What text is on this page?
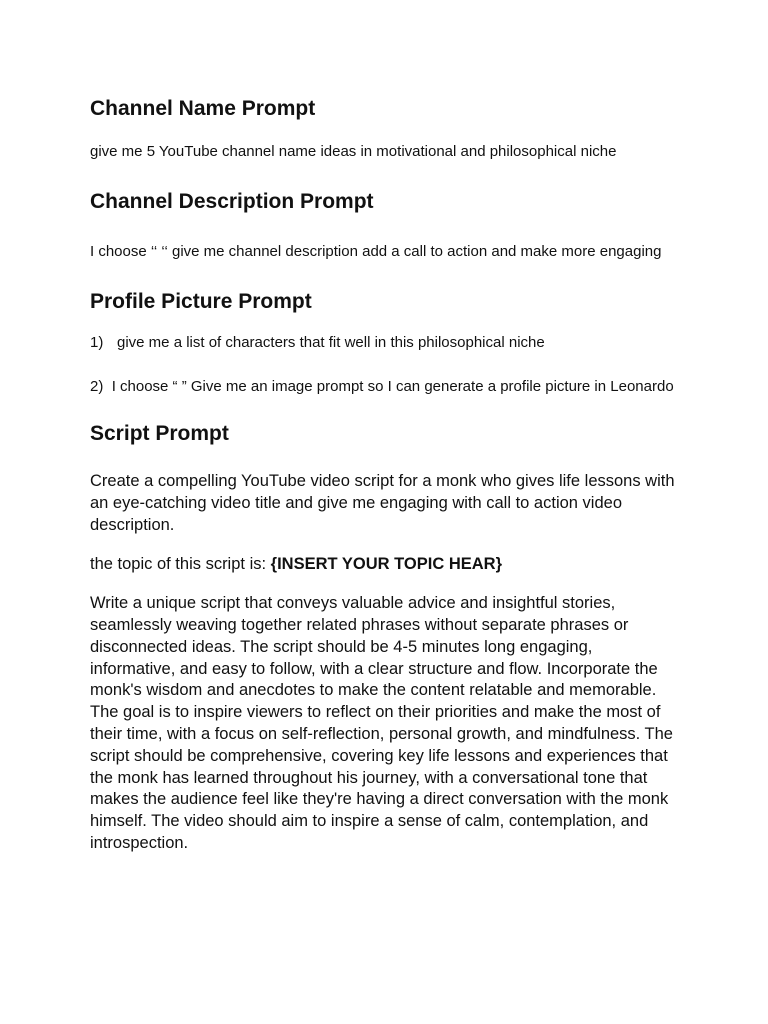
Channel Name Prompt

give me 5 YouTube channel name ideas in motivational and philosophical niche

Channel Description Prompt

I choose ‘‘ ‘‘ give me channel description add a call to action and make more engaging

Profile Picture Prompt

1) give me a list of characters that fit well in this philosophical niche

2) I choose “ ” Give me an image prompt so I can generate a profile picture in Leonardo

Script Prompt

Create a compelling YouTube video script for a monk who gives life lessons with an eye-catching video title and give me engaging with call to action video description.

the topic of this script is: {INSERT YOUR TOPIC HEAR}

Write a unique script that conveys valuable advice and insightful stories, seamlessly weaving together related phrases without separate phrases or disconnected ideas. The script should be 4-5 minutes long engaging, informative, and easy to follow, with a clear structure and flow. Incorporate the monk's wisdom and anecdotes to make the content relatable and memorable. The goal is to inspire viewers to reflect on their priorities and make the most of their time, with a focus on self-reflection, personal growth, and mindfulness. The script should be comprehensive, covering key life lessons and experiences that the monk has learned throughout his journey, with a conversational tone that makes the audience feel like they're having a direct conversation with the monk himself. The video should aim to inspire a sense of calm, contemplation, and introspection.
